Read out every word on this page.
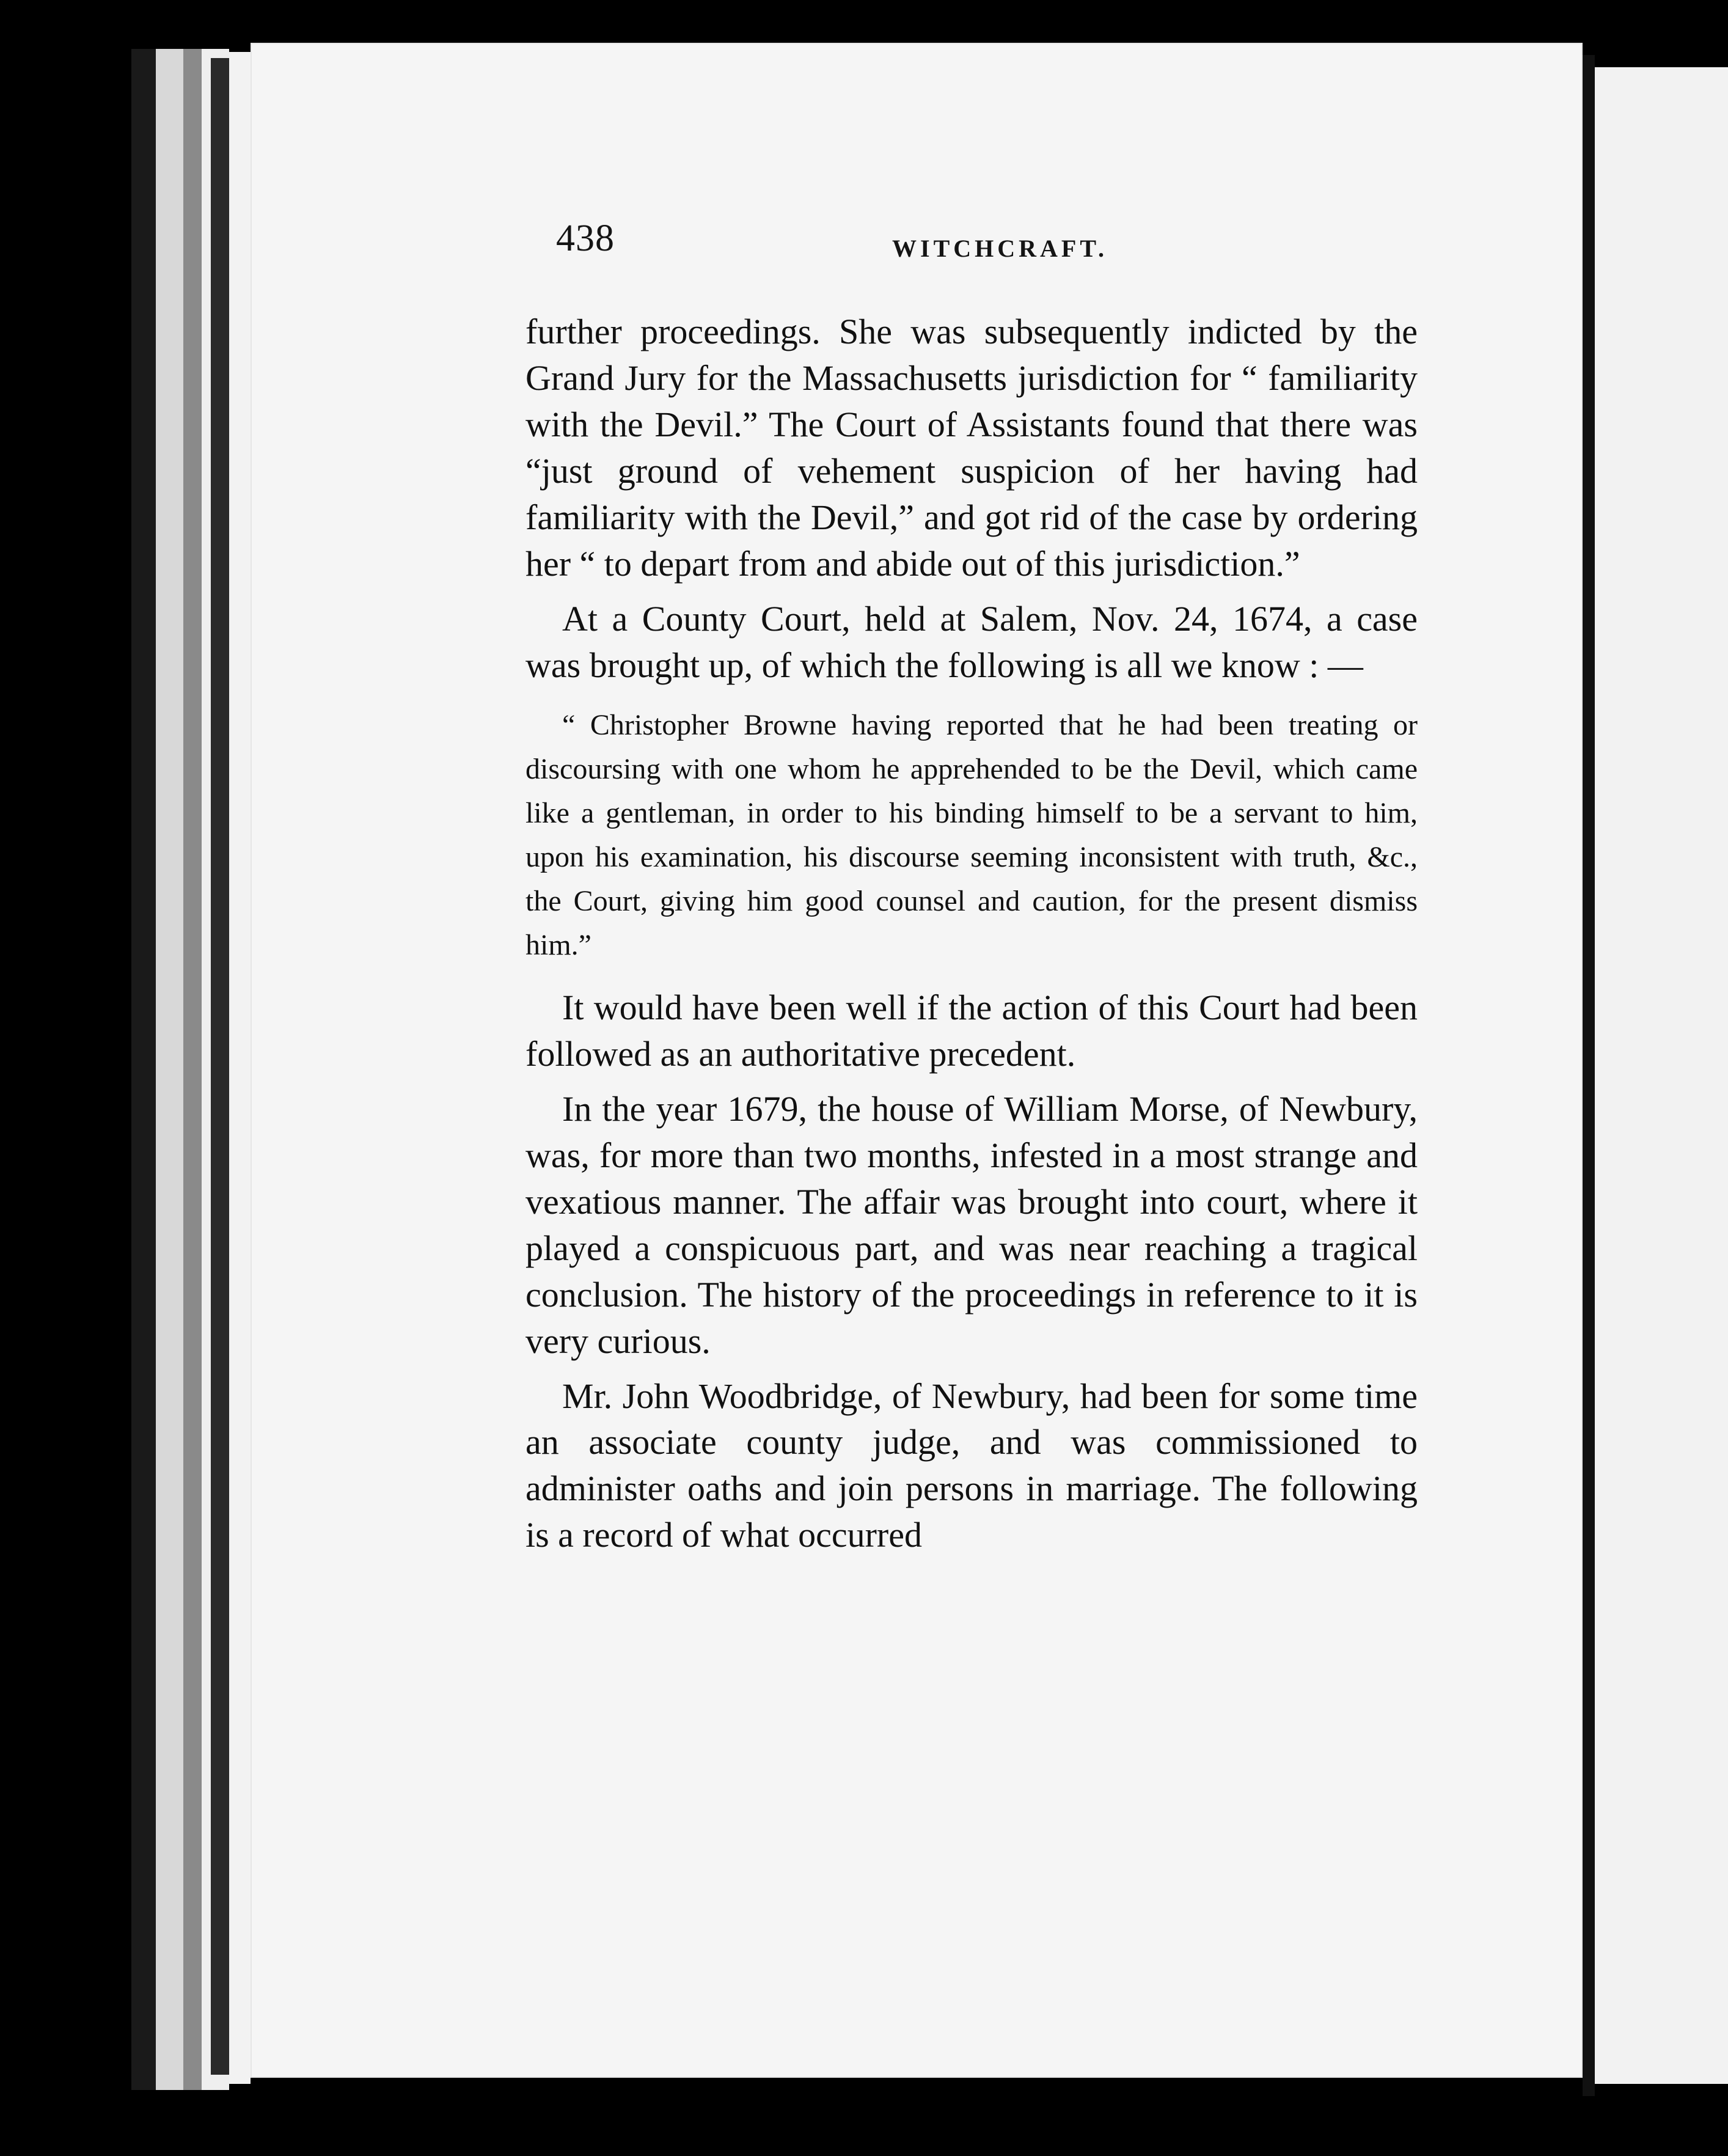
438	WITCHCRAFT.

further proceedings. She was subsequently indicted by the Grand Jury for the Massachusetts jurisdiction for “ familiarity with the Devil.” The Court of Assistants found that there was “just ground of vehement suspicion of her having had familiarity with the Devil,” and got rid of the case by ordering her “ to depart from and abide out of this jurisdiction.”

At a County Court, held at Salem, Nov. 24, 1674, a case was brought up, of which the following is all we know : —

“ Christopher Browne having reported that he had been treating or discoursing with one whom he apprehended to be the Devil, which came like a gentleman, in order to his binding himself to be a servant to him, upon his examination, his discourse seeming inconsistent with truth, &c., the Court, giving him good counsel and caution, for the present dismiss him.”

It would have been well if the action of this Court had been followed as an authoritative precedent.

In the year 1679, the house of William Morse, of Newbury, was, for more than two months, infested in a most strange and vexatious manner. The affair was brought into court, where it played a conspicuous part, and was near reaching a tragical conclusion. The history of the proceedings in reference to it is very curious.

Mr. John Woodbridge, of Newbury, had been for some time an associate county judge, and was commissioned to administer oaths and join persons in marriage. The following is a record of what occurred
